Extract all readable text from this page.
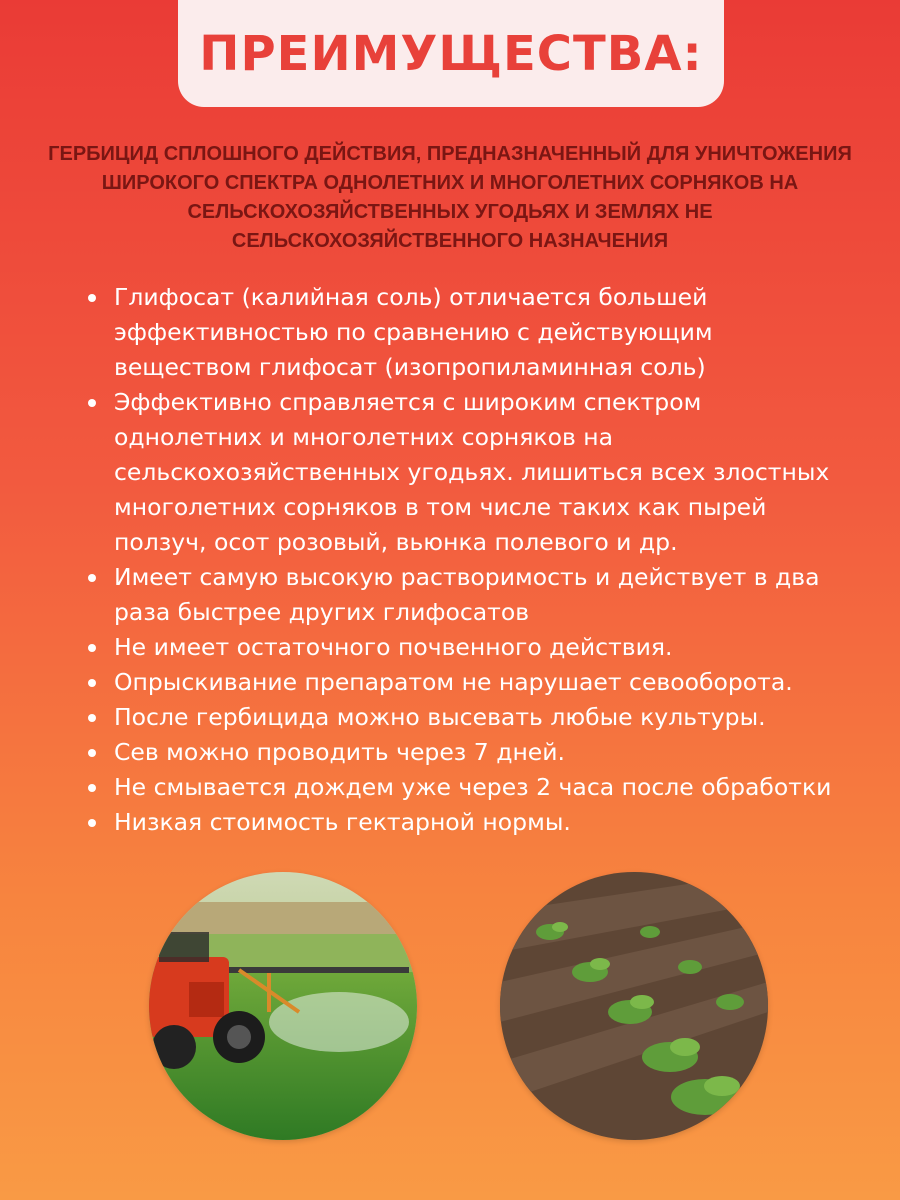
ПРЕИМУЩЕСТВА:
ГЕРБИЦИД СПЛОШНОГО ДЕЙСТВИЯ, ПРЕДНАЗНАЧЕННЫЙ ДЛЯ УНИЧТОЖЕНИЯ ШИРОКОГО СПЕКТРА ОДНОЛЕТНИХ И МНОГОЛЕТНИХ СОРНЯКОВ НА СЕЛЬСКОХОЗЯЙСТВЕННЫХ УГОДЬЯХ И ЗЕМЛЯХ НЕ СЕЛЬСКОХОЗЯЙСТВЕННОГО НАЗНАЧЕНИЯ
Глифосат (калийная соль) отличается большей эффективностью по сравнению с действующим веществом глифосат (изопропиламинная соль)
Эффективно справляется с широким спектром однолетних и многолетних сорняков на сельскохозяйственных угодьях. лишиться всех злостных многолетних сорняков в том числе таких как пырей ползуч, осот розовый, вьюнка полевого и др.
Имеет самую высокую растворимость и действует в два раза быстрее других глифосатов
Не имеет остаточного почвенного действия.
Опрыскивание препаратом не нарушает севооборота.
После гербицида можно высевать любые культуры.
Сев можно проводить через 7 дней.
Не смывается дождем уже через 2 часа после обработки
Низкая стоимость гектарной нормы.
